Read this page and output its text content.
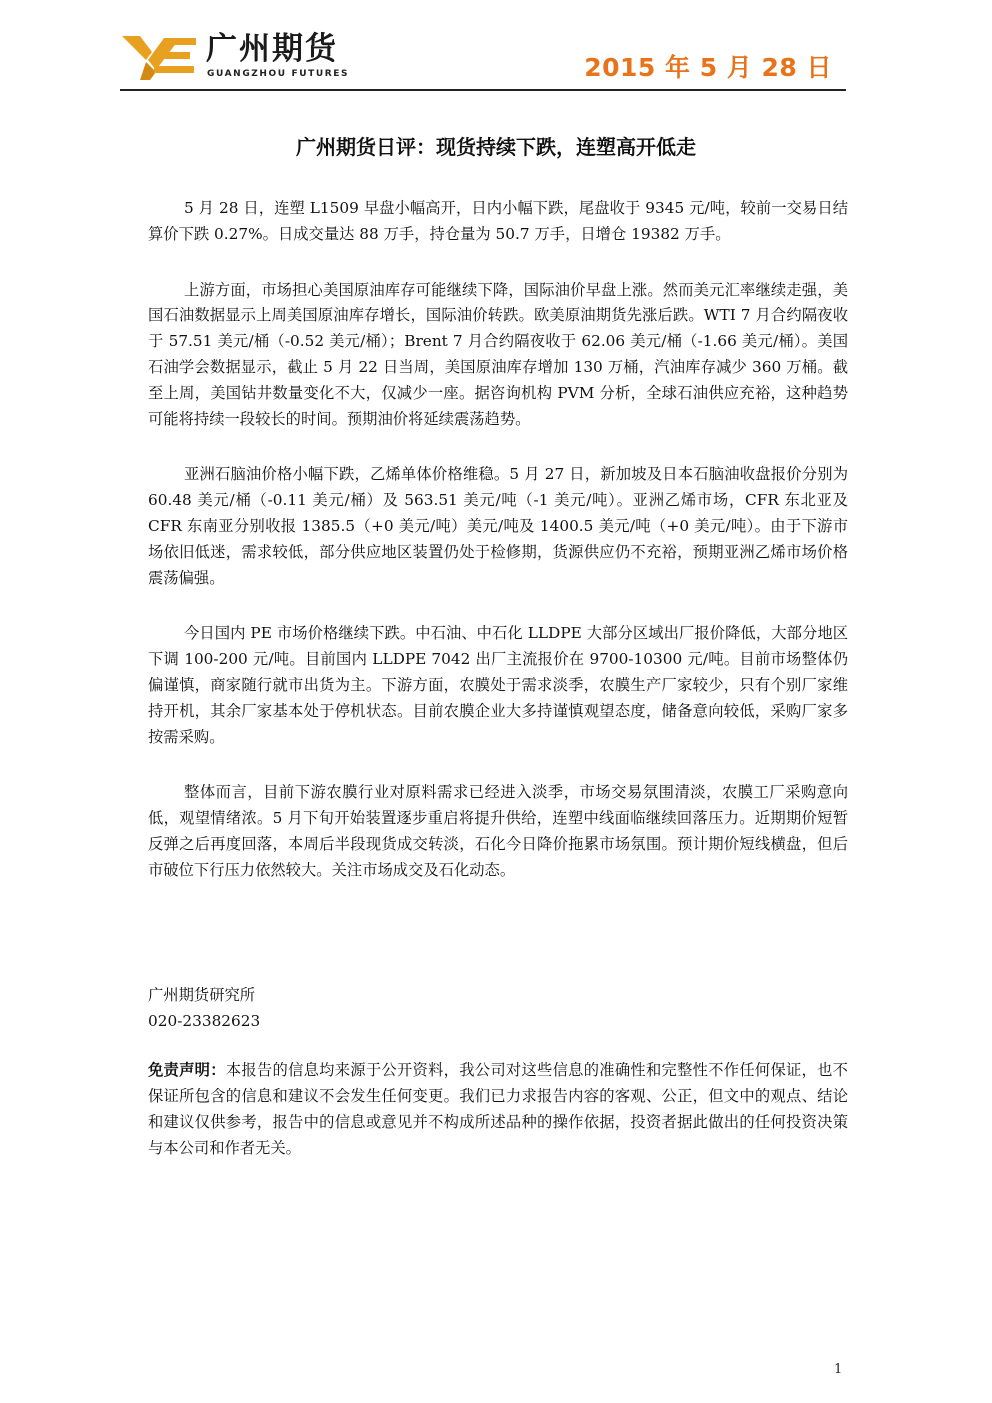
广州期货
GUANGZHOU FUTURES	2015 年 5 月 28 日
广州期货日评：现货持续下跌，连塑高开低走

5 月 28 日，连塑 L1509 早盘小幅高开，日内小幅下跌，尾盘收于 9345 元/吨，较前一交易日结算价下跌 0.27%。日成交量达 88 万手，持仓量为 50.7 万手，日增仓 19382 万手。

上游方面，市场担心美国原油库存可能继续下降，国际油价早盘上涨。然而美元汇率继续走强，美国石油数据显示上周美国原油库存增长，国际油价转跌。欧美原油期货先涨后跌。WTI 7 月合约隔夜收于 57.51 美元/桶（-0.52 美元/桶）；Brent 7 月合约隔夜收于 62.06 美元/桶（-1.66 美元/桶）。美国石油学会数据显示，截止 5 月 22 日当周，美国原油库存增加 130 万桶，汽油库存减少 360 万桶。截至上周，美国钻井数量变化不大，仅减少一座。据咨询机构 PVM 分析，全球石油供应充裕，这种趋势可能将持续一段较长的时间。预期油价将延续震荡趋势。

亚洲石脑油价格小幅下跌，乙烯单体价格维稳。5 月 27 日，新加坡及日本石脑油收盘报价分别为 60.48 美元/桶（-0.11 美元/桶）及 563.51 美元/吨（-1 美元/吨）。亚洲乙烯市场，CFR 东北亚及 CFR 东南亚分别收报 1385.5（+0 美元/吨）美元/吨及 1400.5 美元/吨（+0 美元/吨）。由于下游市场依旧低迷，需求较低，部分供应地区装置仍处于检修期，货源供应仍不充裕，预期亚洲乙烯市场价格震荡偏强。

今日国内 PE 市场价格继续下跌。中石油、中石化 LLDPE 大部分区域出厂报价降低，大部分地区下调 100-200 元/吨。目前国内 LLDPE 7042 出厂主流报价在 9700-10300 元/吨。目前市场整体仍偏谨慎，商家随行就市出货为主。下游方面，农膜处于需求淡季，农膜生产厂家较少，只有个别厂家维持开机，其余厂家基本处于停机状态。目前农膜企业大多持谨慎观望态度，储备意向较低，采购厂家多按需采购。

整体而言，目前下游农膜行业对原料需求已经进入淡季，市场交易氛围清淡，农膜工厂采购意向低，观望情绪浓。5 月下旬开始装置逐步重启将提升供给，连塑中线面临继续回落压力。近期期价短暂反弹之后再度回落，本周后半段现货成交转淡，石化今日降价拖累市场氛围。预计期价短线横盘，但后市破位下行压力依然较大。关注市场成交及石化动态。

广州期货研究所
020-23382623
免责声明：本报告的信息均来源于公开资料，我公司对这些信息的准确性和完整性不作任何保证，也不保证所包含的信息和建议不会发生任何变更。我们已力求报告内容的客观、公正，但文中的观点、结论和建议仅供参考，报告中的信息或意见并不构成所述品种的操作依据，投资者据此做出的任何投资决策与本公司和作者无关。
1
